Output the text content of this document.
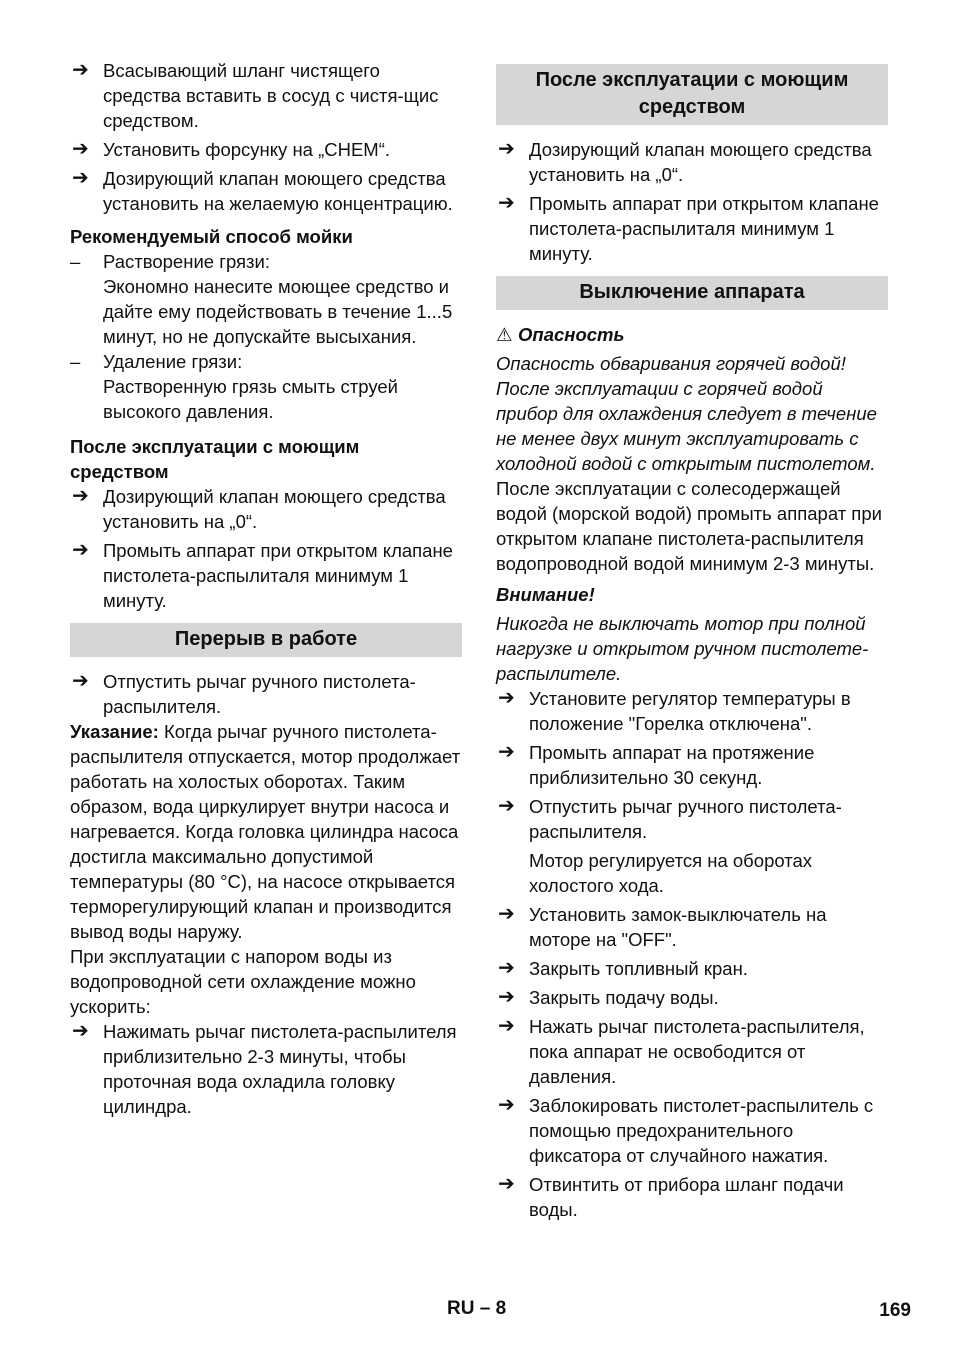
➔ Всасывающий шланг чистящего средства вставить в сосуд с чистя-щис средством.
➔ Установить форсунку на „CHEM“.
➔ Дозирующий клапан моющего средства установить на желаемую концентрацию.

Рекомендуемый способ мойки

– Растворение грязи:

Экономно нанесите моющее средство и дайте ему подействовать в течение 1...5 минут, но не допускайте высыхания.

– Удаление грязи:

Растворенную грязь смыть струей высокого давления.

После эксплуатации с моющим средством

➔ Дозирующий клапан моющего средства установить на „0“.
➔ Промыть аппарат при открытом клапане пистолета-распылиталя минимум 1 минуту.
Перерыв в работе
➔ Отпустить рычаг ручного пистолета-распылителя.

Указание: Когда рычаг ручного пистолета-распылителя отпускается, мотор продолжает работать на холостых оборотах. Таким образом, вода циркулирует внутри насоса и нагревается. Когда головка цилиндра насоса достигла максимально допустимой температуры (80 °C), на насосе открывается терморегулирующий клапан и производится вывод воды наружу.

При эксплуатации с напором воды из водопроводной сети охлаждение можно ускорить:

➔ Нажимать рычаг пистолета-распылителя приблизительно 2-3 минуты, чтобы проточная вода охладила головку цилиндра.
После эксплуатации с моющим средством
➔ Дозирующий клапан моющего средства установить на „0“.
➔ Промыть аппарат при открытом клапане пистолета-распылиталя минимум 1 минуту.
Выключение аппарата

⚠ Опасность

Опасность обваривания горячей водой! После эксплуатации с горячей водой прибор для охлаждения следует в течение не менее двух минут эксплуатировать с холодной водой с открытым пистолетом.

После эксплуатации с солесодержащей водой (морской водой) промыть аппарат при открытом клапане пистолета-распылителя водопроводной водой минимум 2-3 минуты.

Внимание!

Никогда не выключать мотор при полной нагрузке и открытом ручном пистолете-распылителе.

➔ Установите регулятор температуры в положение "Горелка отключена".
➔ Промыть аппарат на протяжение приблизительно 30 секунд.
➔ Отпустить рычаг ручного пистолета-распылителя.

Мотор регулируется на оборотах холостого хода.

➔ Установить замок-выключатель на моторе на "OFF".
➔ Закрыть топливный кран.
➔ Закрыть подачу воды.
➔ Нажать рычаг пистолета-распылителя, пока аппарат не освободится от давления.
➔ Заблокировать пистолет-распылитель с помощью предохранительного фиксатора от случайного нажатия.
➔ Отвинтить от прибора шланг подачи воды.
RU – 8	169
